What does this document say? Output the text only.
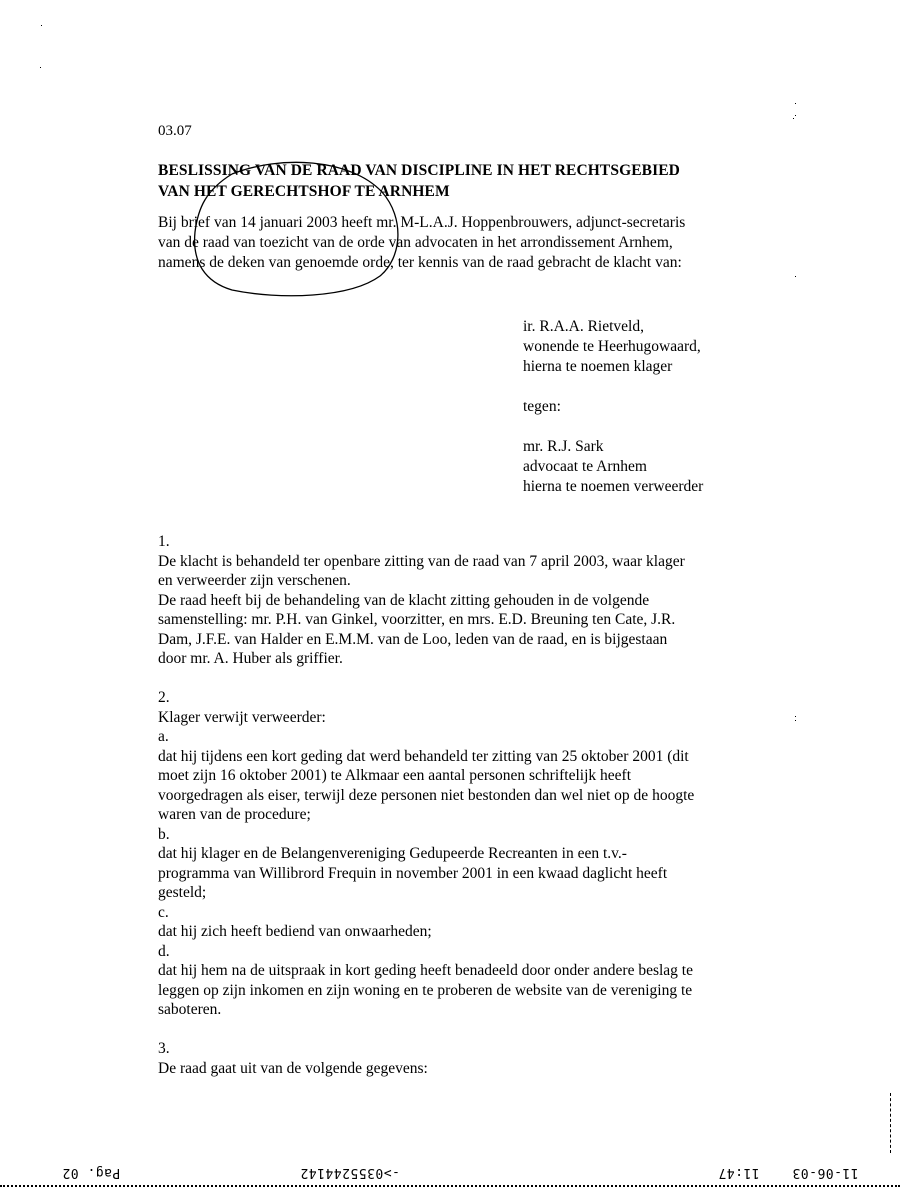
03.07
BESLISSING VAN DE RAAD VAN DISCIPLINE IN HET RECHTSGEBIED
VAN HET GERECHTSHOF TE ARNHEM
Bij brief van 14 januari 2003 heeft mr. M-L.A.J. Hoppenbrouwers, adjunct-secretaris
van de raad van toezicht van de orde van advocaten in het arrondissement Arnhem,
namens de deken van genoemde orde, ter kennis van de raad gebracht de klacht van:
ir. R.A.A. Rietveld,
wonende te Heerhugowaard,
hierna te noemen klager
tegen:
mr. R.J. Sark
advocaat te Arnhem
hierna te noemen verweerder
1.
De klacht is behandeld ter openbare zitting van de raad van 7 april 2003, waar klager
en verweerder zijn verschenen.
De raad heeft bij de behandeling van de klacht zitting gehouden in de volgende
samenstelling: mr. P.H. van Ginkel, voorzitter, en mrs. E.D. Breuning ten Cate, J.R.
Dam, J.F.E. van Halder en E.M.M. van de Loo, leden van de raad, en is bijgestaan
door mr. A. Huber als griffier.
2.
Klager verwijt verweerder:
a.
dat hij tijdens een kort geding dat werd behandeld ter zitting van 25 oktober 2001 (dit
moet zijn 16 oktober 2001) te Alkmaar een aantal personen schriftelijk heeft
voorgedragen als eiser, terwijl deze personen niet bestonden dan wel niet op de hoogte
waren van de procedure;
b.
dat hij klager en de Belangenvereniging Gedupeerde Recreanten in een t.v.-
programma van Willibrord Frequin in november 2001 in een kwaad daglicht heeft
gesteld;
c.
dat hij zich heeft bediend van onwaarheden;
d.
dat hij hem na de uitspraak in kort geding heeft benadeeld door onder andere beslag te
leggen op zijn inkomen en zijn woning en te proberen de website van de vereniging te
saboteren.
3.
De raad gaat uit van de volgende gegevens:
Pag. 02	->0355244142	11:47 11-06-03
